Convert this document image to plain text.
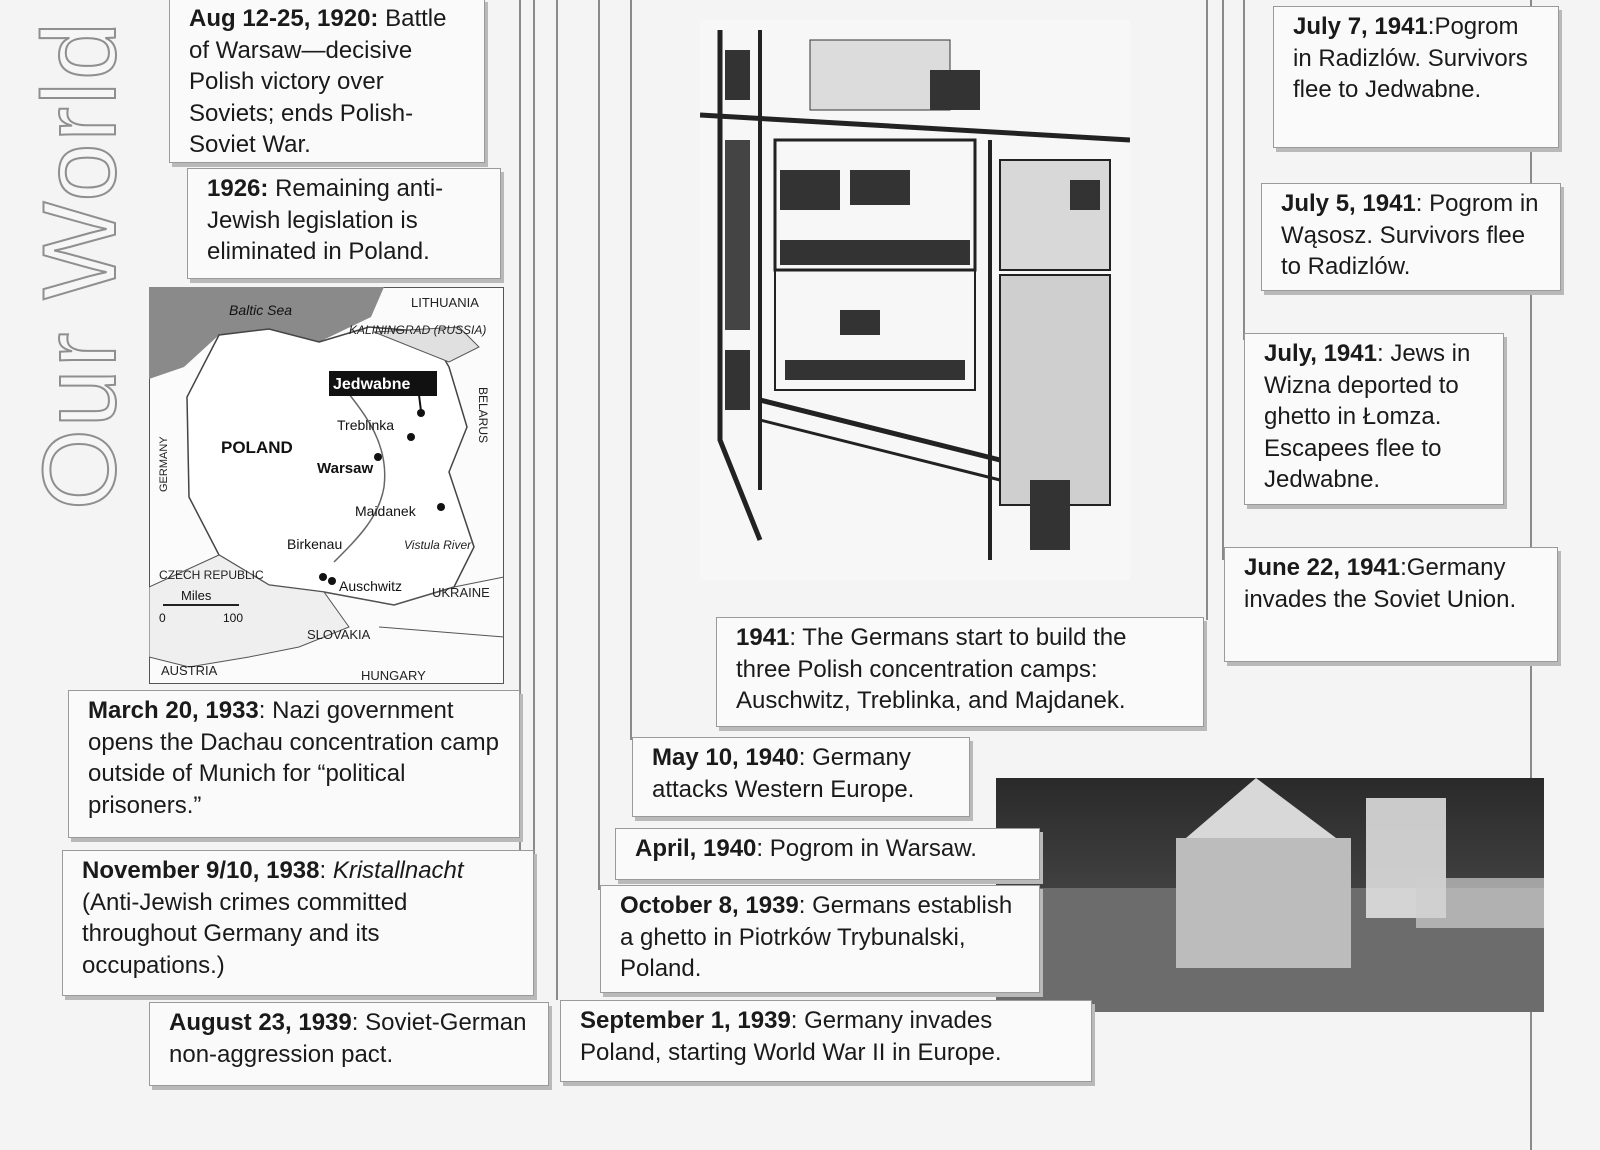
Our World	Baltic Sea	LITHUANIA
KALININGRAD (RUSSIA)
POLAND
GERMANY
BELARUS
CZECH REPUBLIC
UKRAINE
SLOVAKIA
AUSTRIA	HUNGARY
Jedwabne
Treblinka
Warsaw
Maidanek
Birkenau
Auschwitz
Vistula River
Miles
0	100
Aug 12-25, 1920: Battle of Warsaw—decisive Polish victory over Soviets; ends Polish-Soviet War.
1926: Remaining anti-Jewish legislation is eliminated in Poland.
March 20, 1933: Nazi government opens the Dachau concentration camp outside of Munich for “political prisoners.”
November 9/10, 1938: Kristallnacht (Anti-Jewish crimes committed throughout Germany and its occupations.)
August 23, 1939: Soviet-German non-aggression pact.
September 1, 1939: Germany invades Poland, starting World War II in Europe.
October 8, 1939: Germans establish a ghetto in Piotrków Trybunalski, Poland.
April, 1940: Pogrom in Warsaw.
May 10, 1940: Germany attacks Western Europe.
1941: The Germans start to build the three Polish concentration camps: Auschwitz, Treblinka, and Majdanek.
June 22, 1941:Germany invades the Soviet Union.
July, 1941: Jews in Wizna deported to ghetto in Łomza. Escapees flee to Jedwabne.
July 5, 1941: Pogrom in Wąsosz. Survivors flee to Radizlów.
July 7, 1941:Pogrom in Radizlów. Survivors flee to Jedwabne.
